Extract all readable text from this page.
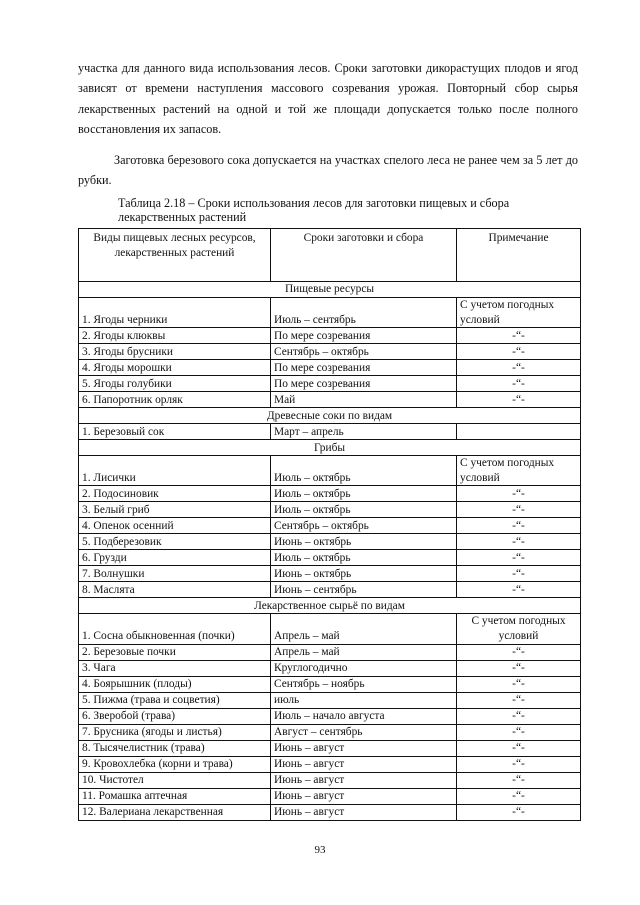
участка для данного вида использования лесов. Сроки заготовки дикорастущих плодов и ягод зависят от времени наступления массового созревания урожая. Повторный сбор сырья лекарственных растений на одной и той же площади допускается только после полного восстановления их запасов.

Заготовка березового сока допускается на участках спелого леса не ранее чем за 5 лет до рубки.

Таблица 2.18 – Сроки использования лесов для заготовки пищевых и сбора лекарственных растений

Виды пищевых лесных ресурсов, лекарственных растений	Сроки заготовки и сбора	Примечание
Пищевые ресурсы		
1. Ягоды черники	Июль – сентябрь	С учетом погодных условий
2. Ягоды клюквы	По мере созревания	-“-
3. Ягоды брусники	Сентябрь – октябрь	-“-
4. Ягоды морошки	По мере созревания	-“-
5. Ягоды голубики	По мере созревания	-“-
6. Папоротник орляк	Май	-“-
Древесные соки по видам		
1. Березовый сок	Март – апрель	
Грибы		
1. Лисички	Июль – октябрь	С учетом погодных условий
2. Подосиновик	Июль – октябрь	-“-
3. Белый гриб	Июль – октябрь	-“-
4. Опенок осенний	Сентябрь – октябрь	-“-
5. Подберезовик	Июнь – октябрь	-“-
6. Грузди	Июль – октябрь	-“-
7. Волнушки	Июнь – октябрь	-“-
8. Маслята	Июнь – сентябрь	-“-
Лекарственное сырьё по видам		
1. Сосна обыкновенная (почки)	Апрель – май	С учетом погодных условий
2. Березовые почки	Апрель – май	-“-
3. Чага	Круглогодично	-“-
4. Боярышник (плоды)	Сентябрь – ноябрь	-“-
5. Пижма (трава и соцветия)	июль	-“-
6. Зверобой (трава)	Июль – начало августа	-“-
7. Брусника (ягоды и листья)	Август – сентябрь	-“-
8. Тысячелистник (трава)	Июнь – август	-“-
9. Кровохлебка (корни и трава)	Июнь – август	-“-
10. Чистотел	Июнь – август	-“-
11. Ромашка аптечная	Июнь – август	-“-
12. Валериана лекарственная	Июнь – август	-“-
93
